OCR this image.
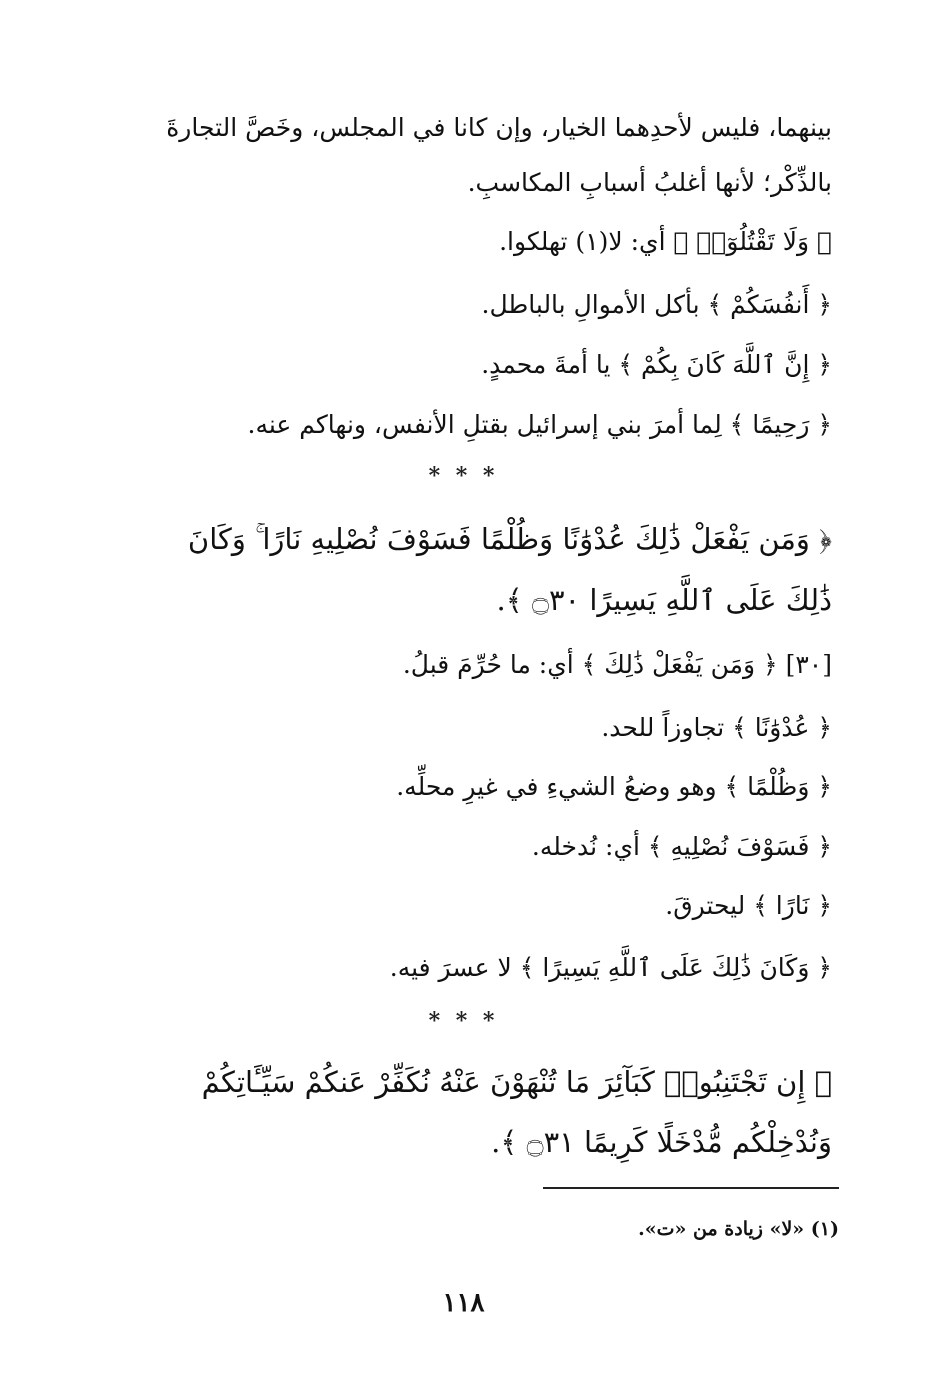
بينهما، فليس لأحدِهما الخيار، وإن كانا في المجلس، وخَصَّ التجارةَ
بالذِّكْر؛ لأنها أغلبُ أسبابِ المكاسبِ.
﴿ وَلَا تَقْتُلُوٓا۟ ﴾ أي: لا(١) تهلكوا.
﴿ أَنفُسَكُمْ ﴾ بأكل الأموالِ بالباطل.
﴿ إِنَّ ٱللَّهَ كَانَ بِكُمْ ﴾ يا أمةَ محمدٍ.
﴿ رَحِيمًا ﴾ لِما أمرَ بني إسرائيل بقتلِ الأنفس، ونهاكم عنه.
* * *
﴿ وَمَن يَفْعَلْ ذَٰلِكَ عُدْوَٰنًا وَظُلْمًا فَسَوْفَ نُصْلِيهِ نَارًا ۚ وَكَانَ
ذَٰلِكَ عَلَى ٱللَّهِ يَسِيرًا ۝٣٠ ﴾.
[٣٠] ﴿ وَمَن يَفْعَلْ ذَٰلِكَ ﴾ أي: ما حُرِّمَ قبلُ.
﴿ عُدْوَٰنًا ﴾ تجاوزاً للحد.
﴿ وَظُلْمًا ﴾ وهو وضعُ الشيءِ في غيرِ محلِّه.
﴿ فَسَوْفَ نُصْلِيهِ ﴾ أي: نُدخله.
﴿ نَارًا ﴾ ليحترقَ.
﴿ وَكَانَ ذَٰلِكَ عَلَى ٱللَّهِ يَسِيرًا ﴾ لا عسرَ فيه.
* * *
﴿ إِن تَجْتَنِبُوا۟ كَبَآئِرَ مَا تُنْهَوْنَ عَنْهُ نُكَفِّرْ عَنكُمْ سَيِّـَٔاتِكُمْ
وَنُدْخِلْكُم مُّدْخَلًا كَرِيمًا ۝٣١ ﴾.
(١) «لا» زيادة من «ت».
١١٨
